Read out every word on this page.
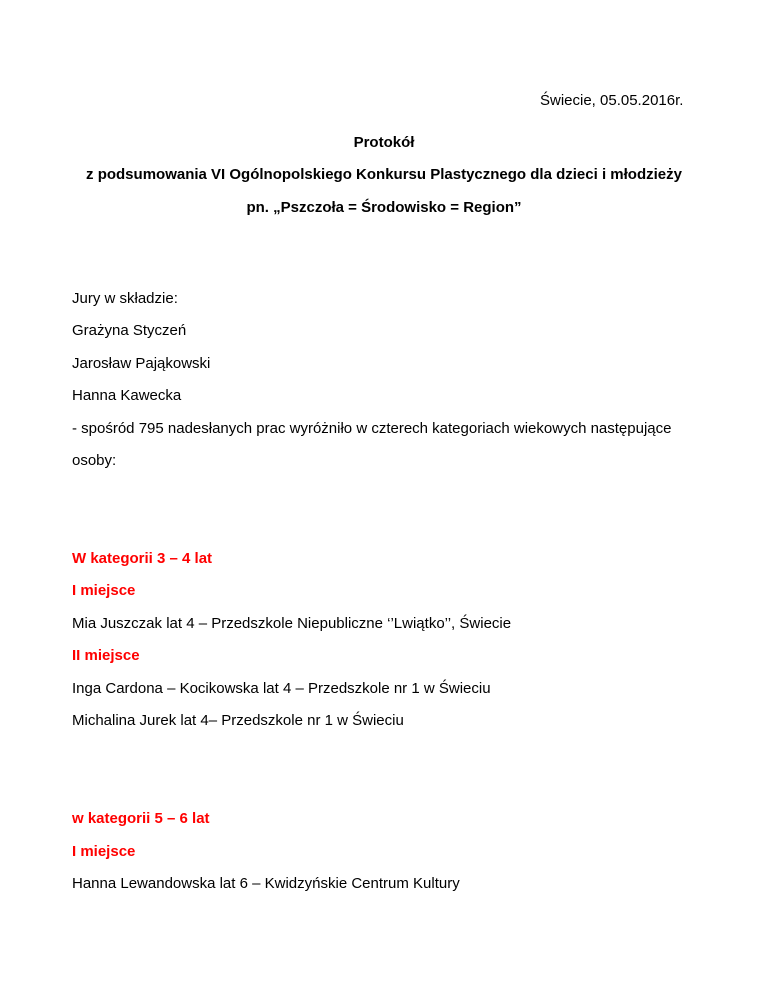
Świecie, 05.05.2016r.
Protokół
z podsumowania VI Ogólnopolskiego Konkursu Plastycznego dla dzieci i młodzieży
pn. „Pszczoła = Środowisko = Region”
Jury w składzie:
Grażyna Styczeń
Jarosław Pająkowski
Hanna Kawecka
- spośród 795 nadesłanych prac wyróżniło w czterech kategoriach wiekowych następujące
osoby:
W kategorii 3 – 4 lat
I miejsce
Mia Juszczak lat 4 – Przedszkole Niepubliczne ‘’Lwiątko’’, Świecie
II miejsce
Inga Cardona – Kocikowska lat 4 – Przedszkole nr 1 w Świeciu
Michalina Jurek lat 4– Przedszkole nr 1 w Świeciu
w kategorii 5 – 6 lat
I miejsce
Hanna Lewandowska lat 6 – Kwidzyńskie Centrum Kultury
